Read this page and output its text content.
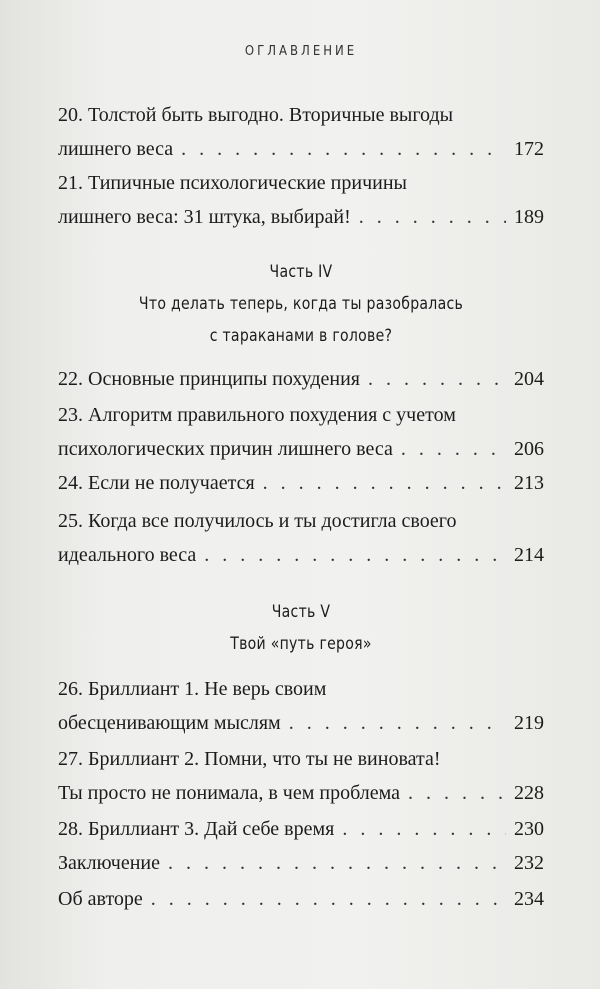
ОГЛАВЛЕНИЕ
20. Толстой быть выгодно. Вторичные выгоды
лишнего веса . . .	172
21. Типичные психологические причины
лишнего веса: 31 штука, выбирай! . . .	189
Часть IV
Что делать теперь, когда ты разобралась
с тараканами в голове?
22. Основные принципы похудения . . .	204
23. Алгоритм правильного похудения с учетом
психологических причин лишнего веса . . .	206
24. Если не получается . . .	213
25. Когда все получилось и ты достигла своего
идеального веса . . .	214
Часть V
Твой «путь героя»
26. Бриллиант 1. Не верь своим
обесценивающим мыслям . . .	219
27. Бриллиант 2. Помни, что ты не виновата!
Ты просто не понимала, в чем проблема . . .	228
28. Бриллиант 3. Дай себе время . . .	230
Заключение . . .	232
Об авторе . . .	234
